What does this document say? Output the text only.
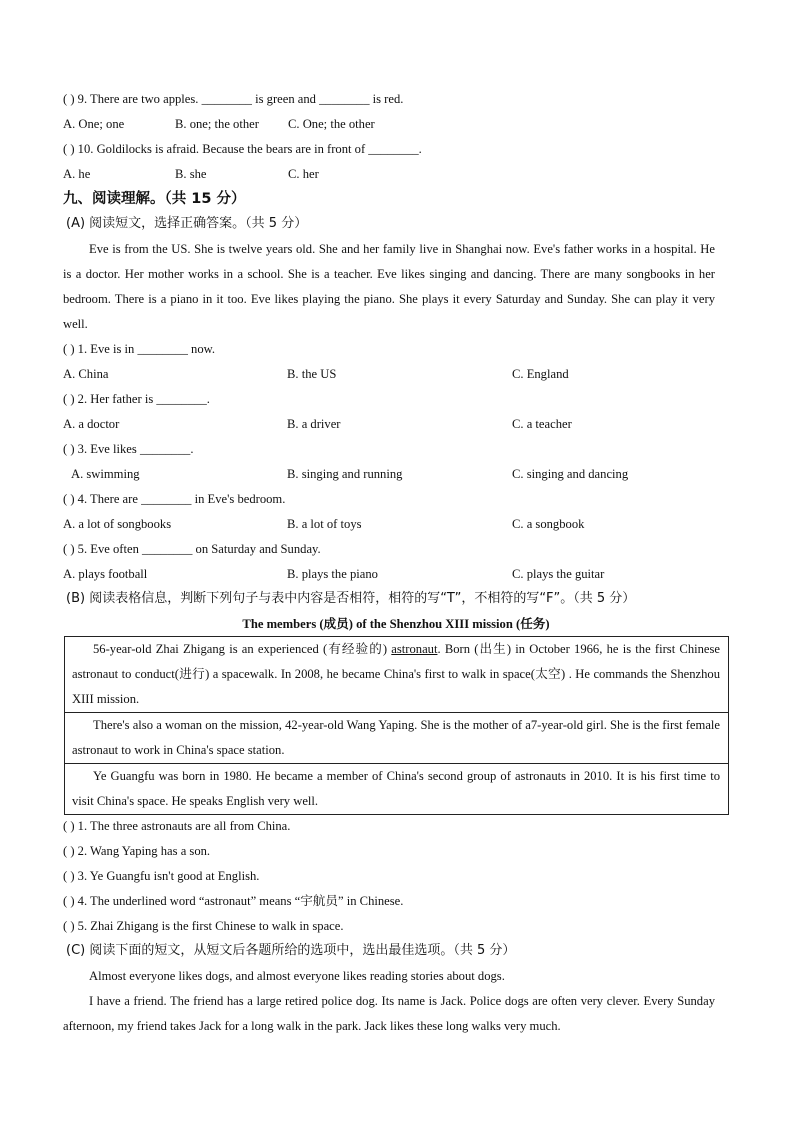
( ) 9. There are two apples. ________ is green and ________ is red.
A. One; one	B. one; the other C. One; the other
( ) 10. Goldilocks is afraid. Because the bears are in front of ________.
A. he	B. she	C. her
九、阅读理解。（共 15 分）
(A) 阅读短文，选择正确答案。（共 5 分）
Eve is from the US. She is twelve years old. She and her family live in Shanghai now. Eve's father works in a hospital. He is a doctor. Her mother works in a school. She is a teacher. Eve likes singing and dancing. There are many songbooks in her bedroom. There is a piano in it too. Eve likes playing the piano. She plays it every Saturday and Sunday. She can play it very well.
( ) 1. Eve is in ________ now.
A. China	B. the US	C. England
( ) 2. Her father is ________.
A. a doctor	B. a driver	C. a teacher
( ) 3. Eve likes ________.
A. swimming	B. singing and running	C. singing and dancing
( ) 4. There are ________ in Eve's bedroom.
A. a lot of songbooks	B. a lot of toys	C. a songbook
( ) 5. Eve often ________ on Saturday and Sunday.
A. plays football	B. plays the piano	C. plays the guitar
(B) 阅读表格信息，判断下列句子与表中内容是否相符，相符的写“T”，不相符的写“F”。（共 5 分）
The members (成员) of the Shenzhou XIII mission (任务)

56-year-old Zhai Zhigang is an experienced (有经验的) astronaut. Born (出生) in October 1966, he is the first Chinese astronaut to conduct(进行) a spacewalk. In 2008, he became China's first to walk in space(太空) . He commands the Shenzhou XIII mission.

There's also a woman on the mission, 42-year-old Wang Yaping. She is the mother of a7-year-old girl. She is the first female astronaut to work in China's space station.

Ye Guangfu was born in 1980. He became a member of China's second group of astronauts in 2010. It is his first time to visit China's space. He speaks English very well.

( ) 1. The three astronauts are all from China.
( ) 2. Wang Yaping has a son.
( ) 3. Ye Guangfu isn't good at English.
( ) 4. The underlined word “astronaut” means “宇航员” in Chinese.
( ) 5. Zhai Zhigang is the first Chinese to walk in space.
(C) 阅读下面的短文，从短文后各题所给的选项中，选出最佳选项。（共 5 分）
Almost everyone likes dogs, and almost everyone likes reading stories about dogs.
I have a friend. The friend has a large retired police dog. Its name is Jack. Police dogs are often very clever. Every Sunday afternoon, my friend takes Jack for a long walk in the park. Jack likes these long walks very much.
